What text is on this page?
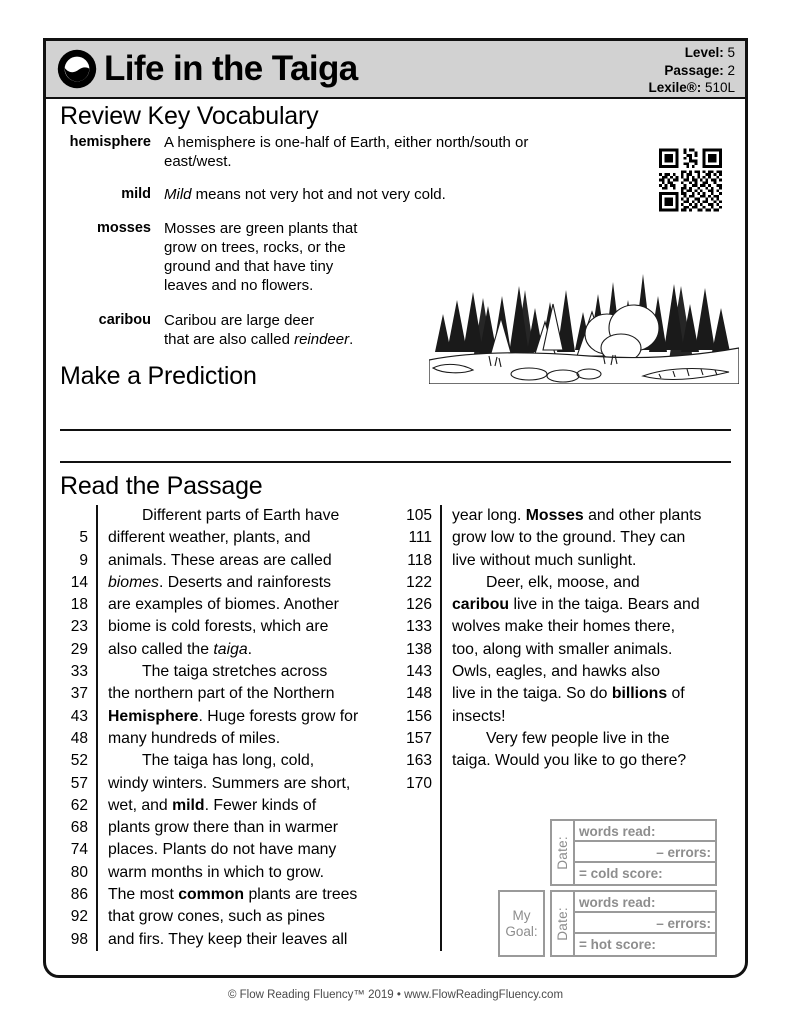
Life in the Taiga	Level: 5
Passage: 2
Lexile®: 510L
Review Key Vocabulary
hemisphere A hemisphere is one-half of Earth, either north/south or east/west.
mild Mild means not very hot and not very cold.
mosses Mosses are green plants that
grow on trees, rocks, or the
ground and that have tiny
leaves and no flowers.
caribou Caribou are large deer
that are also called reindeer.
Make a Prediction
Read the Passage

5
9
14
18
23
29
33
37
43
48
52
57
62
68
74
80
86
92
98
Different parts of Earth have
different weather, plants, and
animals. These areas are called
biomes. Deserts and rainforests
are examples of biomes. Another
biome is cold forests, which are
also called the taiga.
The taiga stretches across
the northern part of the Northern
Hemisphere. Huge forests grow for
many hundreds of miles.
The taiga has long, cold,
windy winters. Summers are short,
wet, and mild. Fewer kinds of
plants grow there than in warmer
places. Plants do not have many
warm months in which to grow.
The most common plants are trees
that grow cones, such as pines
and firs. They keep their leaves all
105
111
118
122
126
133
138
143
148
156
157
163
170
year long. Mosses and other plants
grow low to the ground. They can
live without much sunlight.
Deer, elk, moose, and
caribou live in the taiga. Bears and
wolves make their homes there,
too, along with smaller animals.
Owls, eagles, and hawks also
live in the taiga. So do billions of
insects!
Very few people live in the
taiga. Would you like to go there?

Date:
words read:
– errors:
= cold score:
My
Goal: Date:
words read:
– errors:
= hot score:
© Flow Reading Fluency™ 2019 • www.FlowReadingFluency.com
